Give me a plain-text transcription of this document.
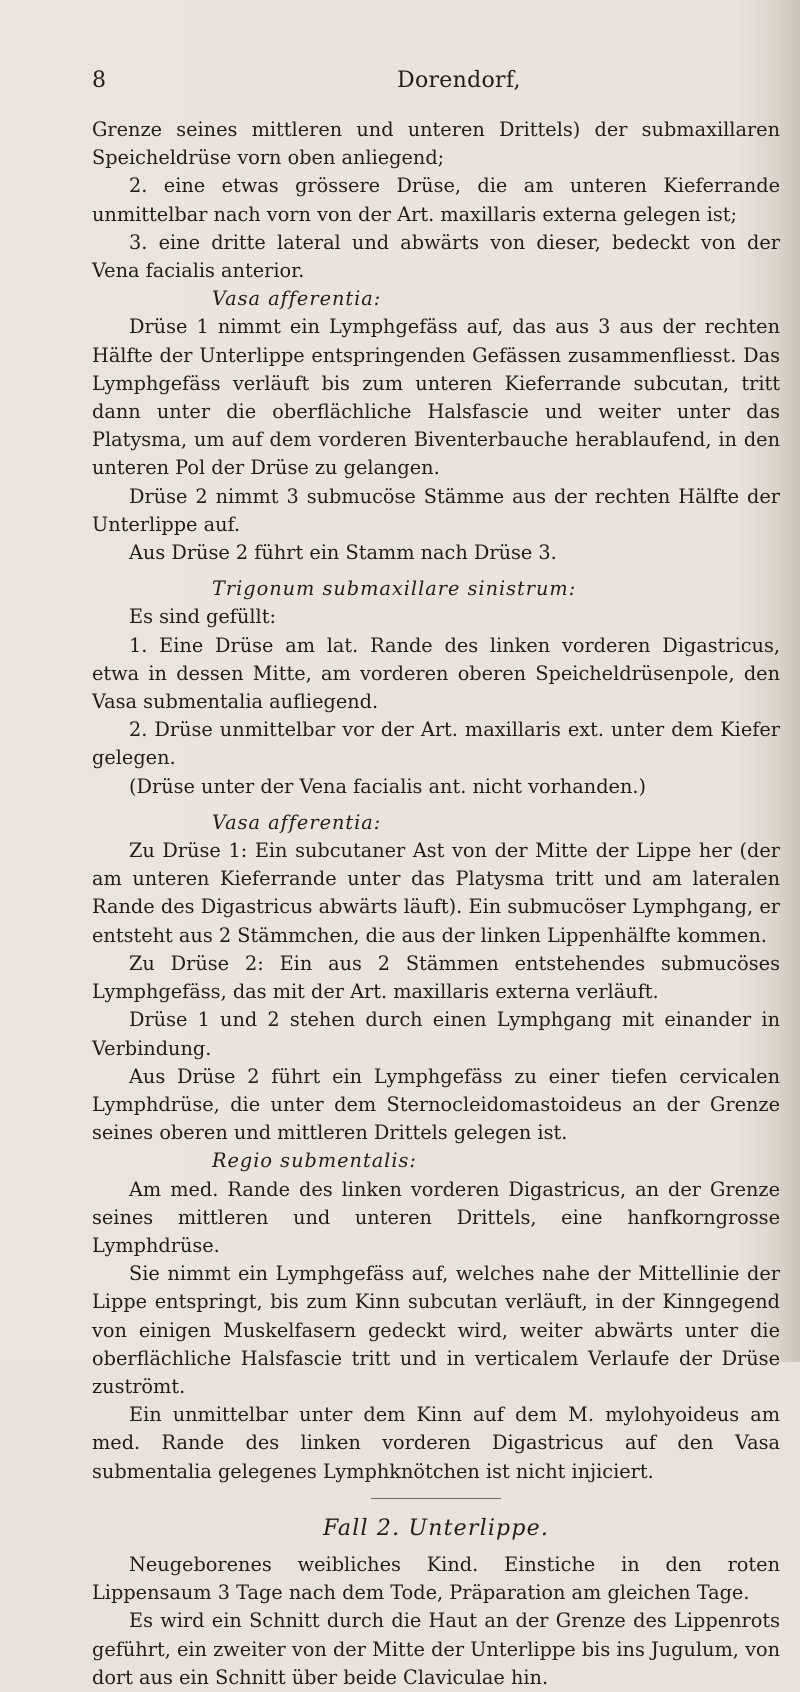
8	Dorendorf,

Grenze seines mittleren und unteren Drittels) der submaxillaren Speicheldrüse vorn oben anliegend;

2. eine etwas grössere Drüse, die am unteren Kieferrande unmittelbar nach vorn von der Art. maxillaris externa gelegen ist;

3. eine dritte lateral und abwärts von dieser, bedeckt von der Vena facialis anterior.

Vasa afferentia:

Drüse 1 nimmt ein Lymphgefäss auf, das aus 3 aus der rechten Hälfte der Unterlippe entspringenden Gefässen zusammenfliesst. Das Lymphgefäss verläuft bis zum unteren Kieferrande subcutan, tritt dann unter die oberflächliche Halsfascie und weiter unter das Platysma, um auf dem vorderen Biventerbauche herablaufend, in den unteren Pol der Drüse zu gelangen.

Drüse 2 nimmt 3 submucöse Stämme aus der rechten Hälfte der Unterlippe auf.

Aus Drüse 2 führt ein Stamm nach Drüse 3.

Trigonum submaxillare sinistrum:

Es sind gefüllt:

1. Eine Drüse am lat. Rande des linken vorderen Digastricus, etwa in dessen Mitte, am vorderen oberen Speicheldrüsenpole, den Vasa submentalia aufliegend.

2. Drüse unmittelbar vor der Art. maxillaris ext. unter dem Kiefer gelegen.

(Drüse unter der Vena facialis ant. nicht vorhanden.)

Vasa afferentia:

Zu Drüse 1: Ein subcutaner Ast von der Mitte der Lippe her (der am unteren Kieferrande unter das Platysma tritt und am lateralen Rande des Digastricus abwärts läuft). Ein submucöser Lymphgang, er entsteht aus 2 Stämmchen, die aus der linken Lippenhälfte kommen.

Zu Drüse 2: Ein aus 2 Stämmen entstehendes submucöses Lymphgefäss, das mit der Art. maxillaris externa verläuft.

Drüse 1 und 2 stehen durch einen Lymphgang mit einander in Verbindung.

Aus Drüse 2 führt ein Lymphgefäss zu einer tiefen cervicalen Lymphdrüse, die unter dem Sternocleidomastoideus an der Grenze seines oberen und mittleren Drittels gelegen ist.

Regio submentalis:

Am med. Rande des linken vorderen Digastricus, an der Grenze seines mittleren und unteren Drittels, eine hanfkorngrosse Lymphdrüse.

Sie nimmt ein Lymphgefäss auf, welches nahe der Mittellinie der Lippe entspringt, bis zum Kinn subcutan verläuft, in der Kinngegend von einigen Muskelfasern gedeckt wird, weiter abwärts unter die oberflächliche Halsfascie tritt und in verticalem Verlaufe der Drüse zuströmt.

Ein unmittelbar unter dem Kinn auf dem M. mylohyoideus am med. Rande des linken vorderen Digastricus auf den Vasa submentalia gelegenes Lymphknötchen ist nicht injiciert.

Fall 2. Unterlippe.

Neugeborenes weibliches Kind. Einstiche in den roten Lippensaum 3 Tage nach dem Tode, Präparation am gleichen Tage.

Es wird ein Schnitt durch die Haut an der Grenze des Lippenrots geführt, ein zweiter von der Mitte der Unterlippe bis ins Jugulum, von dort aus ein Schnitt über beide Claviculae hin.
